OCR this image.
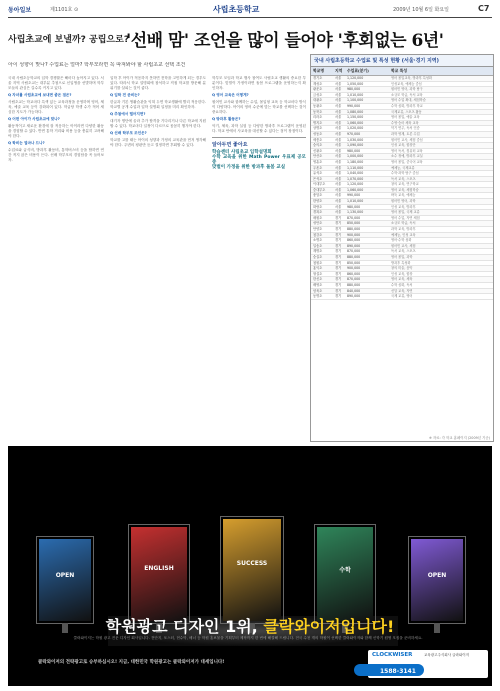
동아일보	제1101호 ⊙	사립초등학교	2009년 10월 6일 화요일	C7
사립초교에 보낼까? 공립으로?
'선배 맘' 조언을 많이 들어야 '후회없는 6년'
아이 성향이 맞나? 수업료는 얼마? 학부모라면 꼭 따져봐야 할 사립초교 선택 조건

국내 사립초등학교의 입학 경쟁률은 해마다 높아지고 있다. 서울 지역 사립초교는 대부분 추첨으로 신입생을 선발하며 학부모들의 관심은 갈수록 커지고 있다.

Q 자녀를 사립초교에 보내면 좋은 점은?

사립초교는 학교마다 특색 있는 교육과정을 운영하며 영어, 체육, 예술 교육 등이 강화되어 있다. 학급당 학생 수가 적어 세심한 지도가 가능하다.

Q 어떤 아이가 사립초교에 맞나?

활동적이고 새로운 환경에 잘 적응하는 아이라면 다양한 활동을 경험할 수 있다. 반면 통학 거리와 비용 등을 충분히 고려해야 한다.

Q 학비는 얼마나 드나?

수업료와 급식비, 방과후 활동비, 통학버스비 등을 합하면 연간 적지 않은 비용이 든다. 선배 학부모의 경험담을 꼭 들어보자.

입학 후 아이가 적응하지 못하면 전학을 고민하게 되는 경우도 있다. 따라서 학교 설명회에 참석하고 직접 학교를 방문해 분위기를 살피는 것이 좋다.

Q 입학 전 준비는?

한글과 기본 생활습관을 익혀 두면 학교생활에 빨리 적응한다. 학교별 공개 수업과 입학 설명회 일정을 미리 확인하자.

Q 추첨에서 떨어지면?

대기자 명단에 올라 추가 합격을 기다리거나 다른 학교에 지원할 수 있다. 학교마다 일정이 다르므로 꼼꼼히 챙겨야 한다.

Q 선배 학부모 조언은?

학교를 고를 때는 아이의 성향과 가정의 교육관을 먼저 생각해야 한다. 주변의 평판만 듣고 결정하면 후회할 수 있다.

학부모 모임과 학교 행사 참여도 사립초교 생활의 중요한 부분이다. 맞벌이 가정이라면 돌봄 프로그램을 운영하는지 확인하자.

Q 영어 교육은 어떻게?

원어민 교사와 함께하는 수업, 몰입형 교육 등 학교마다 방식이 다양하다. 아이의 영어 수준에 맞는 학교를 선택하는 것이 중요하다.

Q 방과후 활동은?

악기, 체육, 과학 실험 등 다양한 방과후 프로그램이 운영된다. 학교 안에서 사교육을 대신할 수 있다는 점이 장점이다.

알아두면 좋아요
학습센터 사립초교 입학설명회
수학 교육을 위한 Math Power 우표제 공모 중
맞벌이 가정을 위한 방과후 돌봄 교실
국내 사립초등학교 수업료 및 특성 현황 (서울·경기 지역)
학교명	지역	수업료(분기)	학교 특성
경기초	서울	1,120,000	영어 몰입교육, 방과후 특성화
계성초	서울	1,050,000	인성교육, 예체능 중심
광운초	서울	980,000	원어민 영어, 과학 탐구
금성초	서울	1,010,000	소규모 학급, 독서 교육
대광초	서울	1,100,000	영어 수업 확대, 체험학습
동광초	서울	990,000	수학 심화, 방과후 학교
동북초	서울	1,080,000	국제교류, 스포츠 활동
리라초	서울	1,150,000	영어 몰입, 예술 교육
명지초	서울	1,060,000	수영·승마 체육 교육
상명초	서울	1,020,000	악기 연주, 독서 인증
성동초	서울	970,000	과학 영재, 토론 수업
세종초	서울	1,030,000	원어민 교사, 체험 중심
숭의초	서울	1,090,000	인성 교육, 합창단
신광초	서울	980,000	영어 독서, 컴퓨터 교육
안산초	서울	1,000,000	소수 정예, 방과후 교실
영훈초	서울	1,180,000	영어 몰입, 중국어 교육
우촌초	서울	1,110,000	예체능, 국제교류
유석초	서울	1,040,000	수학·과학 탐구 중심
은석초	서울	1,070,000	독서 교육, 스포츠
이대부초	서울	1,120,000	창의 교육, 연구학교
중대부초	서울	1,060,000	영어 교육, 체험학습
충암초	서울	990,000	바둑 교육, 예체능
한양초	서울	1,010,000	원어민 영어, 과학
화랑초	서울	980,000	인성 교육, 방과후
경복초	서울	1,130,000	영어 몰입, 국제 교류
매원초	경기	870,000	영어 수업, 자연 체험
성안초	경기	850,000	소규모 학급, 독서
안양초	경기	880,000	과학 교육, 방과후
청강초	경기	900,000	예체능, 인성 교육
소명초	경기	860,000	영어·수학 심화
일송초	경기	890,000	원어민 교사, 체험
계명초	경기	870,000	독서 교육, 스포츠
숭실초	경기	880,000	영어 몰입, 과학
청원초	경기	850,000	방과후 특성화
홍익초	경기	900,000	창의 미술, 음악
형설초	경기	860,000	인성 교육, 합창
한신초	경기	870,000	영어 교육, 체육
배영초	경기	880,000	수학 심화, 독서
삼육초	경기	840,000	신앙 교육, 자연
동명초	경기	890,000	국제 교류, 영어
※ 자료: 각 학교 홈페이지 (2009년 기준)
OPEN
ENGLISH
SUCCESS
수학
OPEN
학원광고 디자인 1위, 클락와이저입니다!
클락와이저는 학원 광고 전문 디자인 회사입니다. 전단지, 포스터, 현수막, 배너 등 학원 홍보물을 기획부터 제작까지 한 번에 해결해 드립니다. 전국 수천 개의 학원이 선택한 클락와이저와 함께 신학기 원생 모집을 준비하세요.
클락와이저의 전략광고로 승부하십시오! 지금, 대한민국 학원광고는 클락와이저가 대세입니다!
CLOCKWISER	교육광고주식회사 클락와이저
1588-3141	www.clockwiser.co.kr
